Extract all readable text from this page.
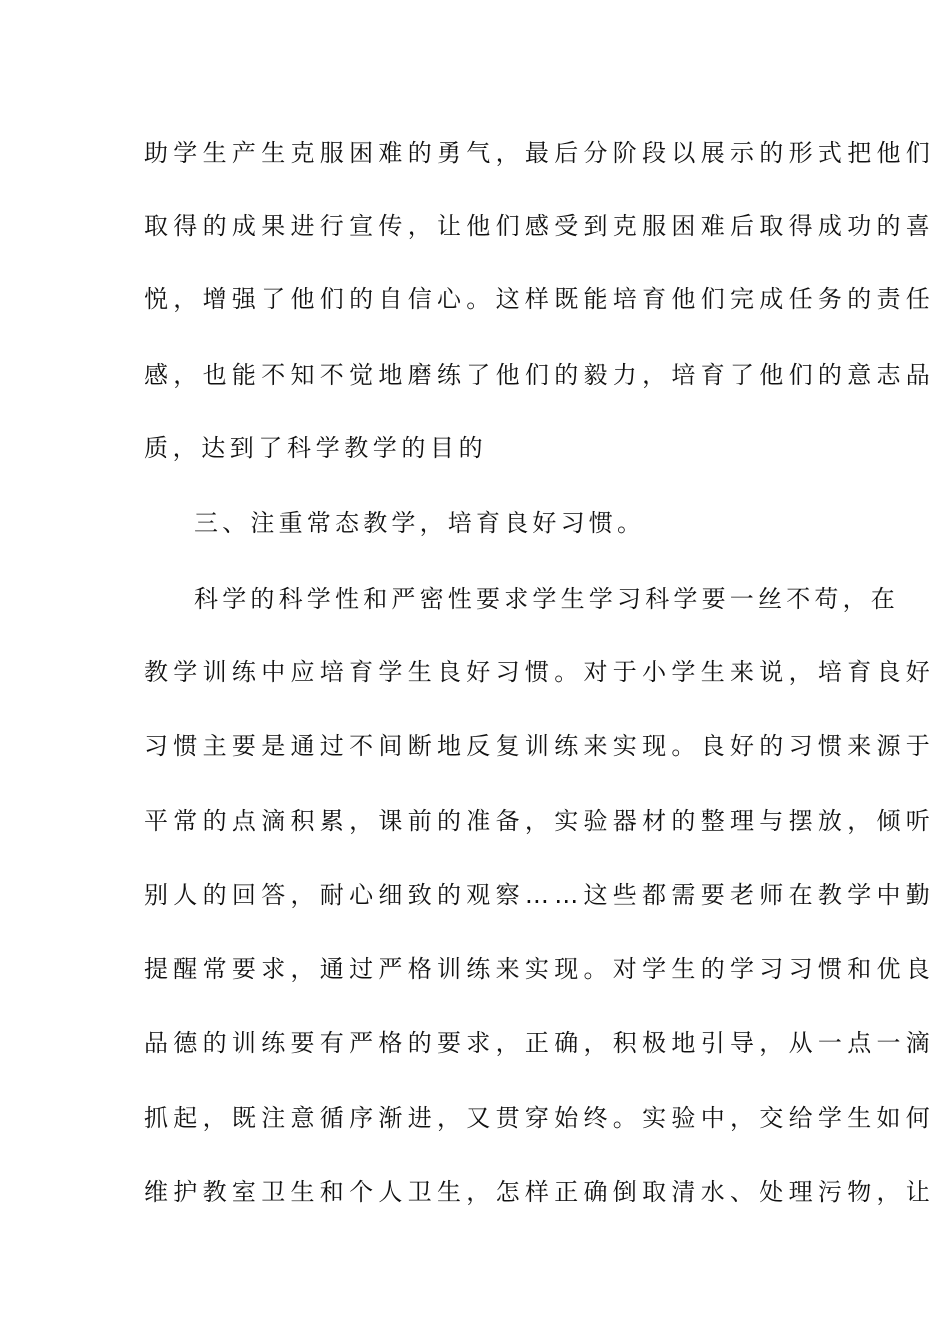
助学生产生克服困难的勇气，最后分阶段以展示的形式把他们
取得的成果进行宣传，让他们感受到克服困难后取得成功的喜
悦，增强了他们的自信心。这样既能培育他们完成任务的责任
感，也能不知不觉地磨练了他们的毅力，培育了他们的意志品
质，达到了科学教学的目的
三、注重常态教学，培育良好习惯。
科学的科学性和严密性要求学生学习科学要一丝不苟，在
教学训练中应培育学生良好习惯。对于小学生来说，培育良好
习惯主要是通过不间断地反复训练来实现。良好的习惯来源于
平常的点滴积累，课前的准备，实验器材的整理与摆放，倾听
别人的回答，耐心细致的观察……这些都需要老师在教学中勤
提醒常要求，通过严格训练来实现。对学生的学习习惯和优良
品德的训练要有严格的要求，正确，积极地引导，从一点一滴
抓起，既注意循序渐进，又贯穿始终。实验中，交给学生如何
维护教室卫生和个人卫生，怎样正确倒取清水、处理污物，让
